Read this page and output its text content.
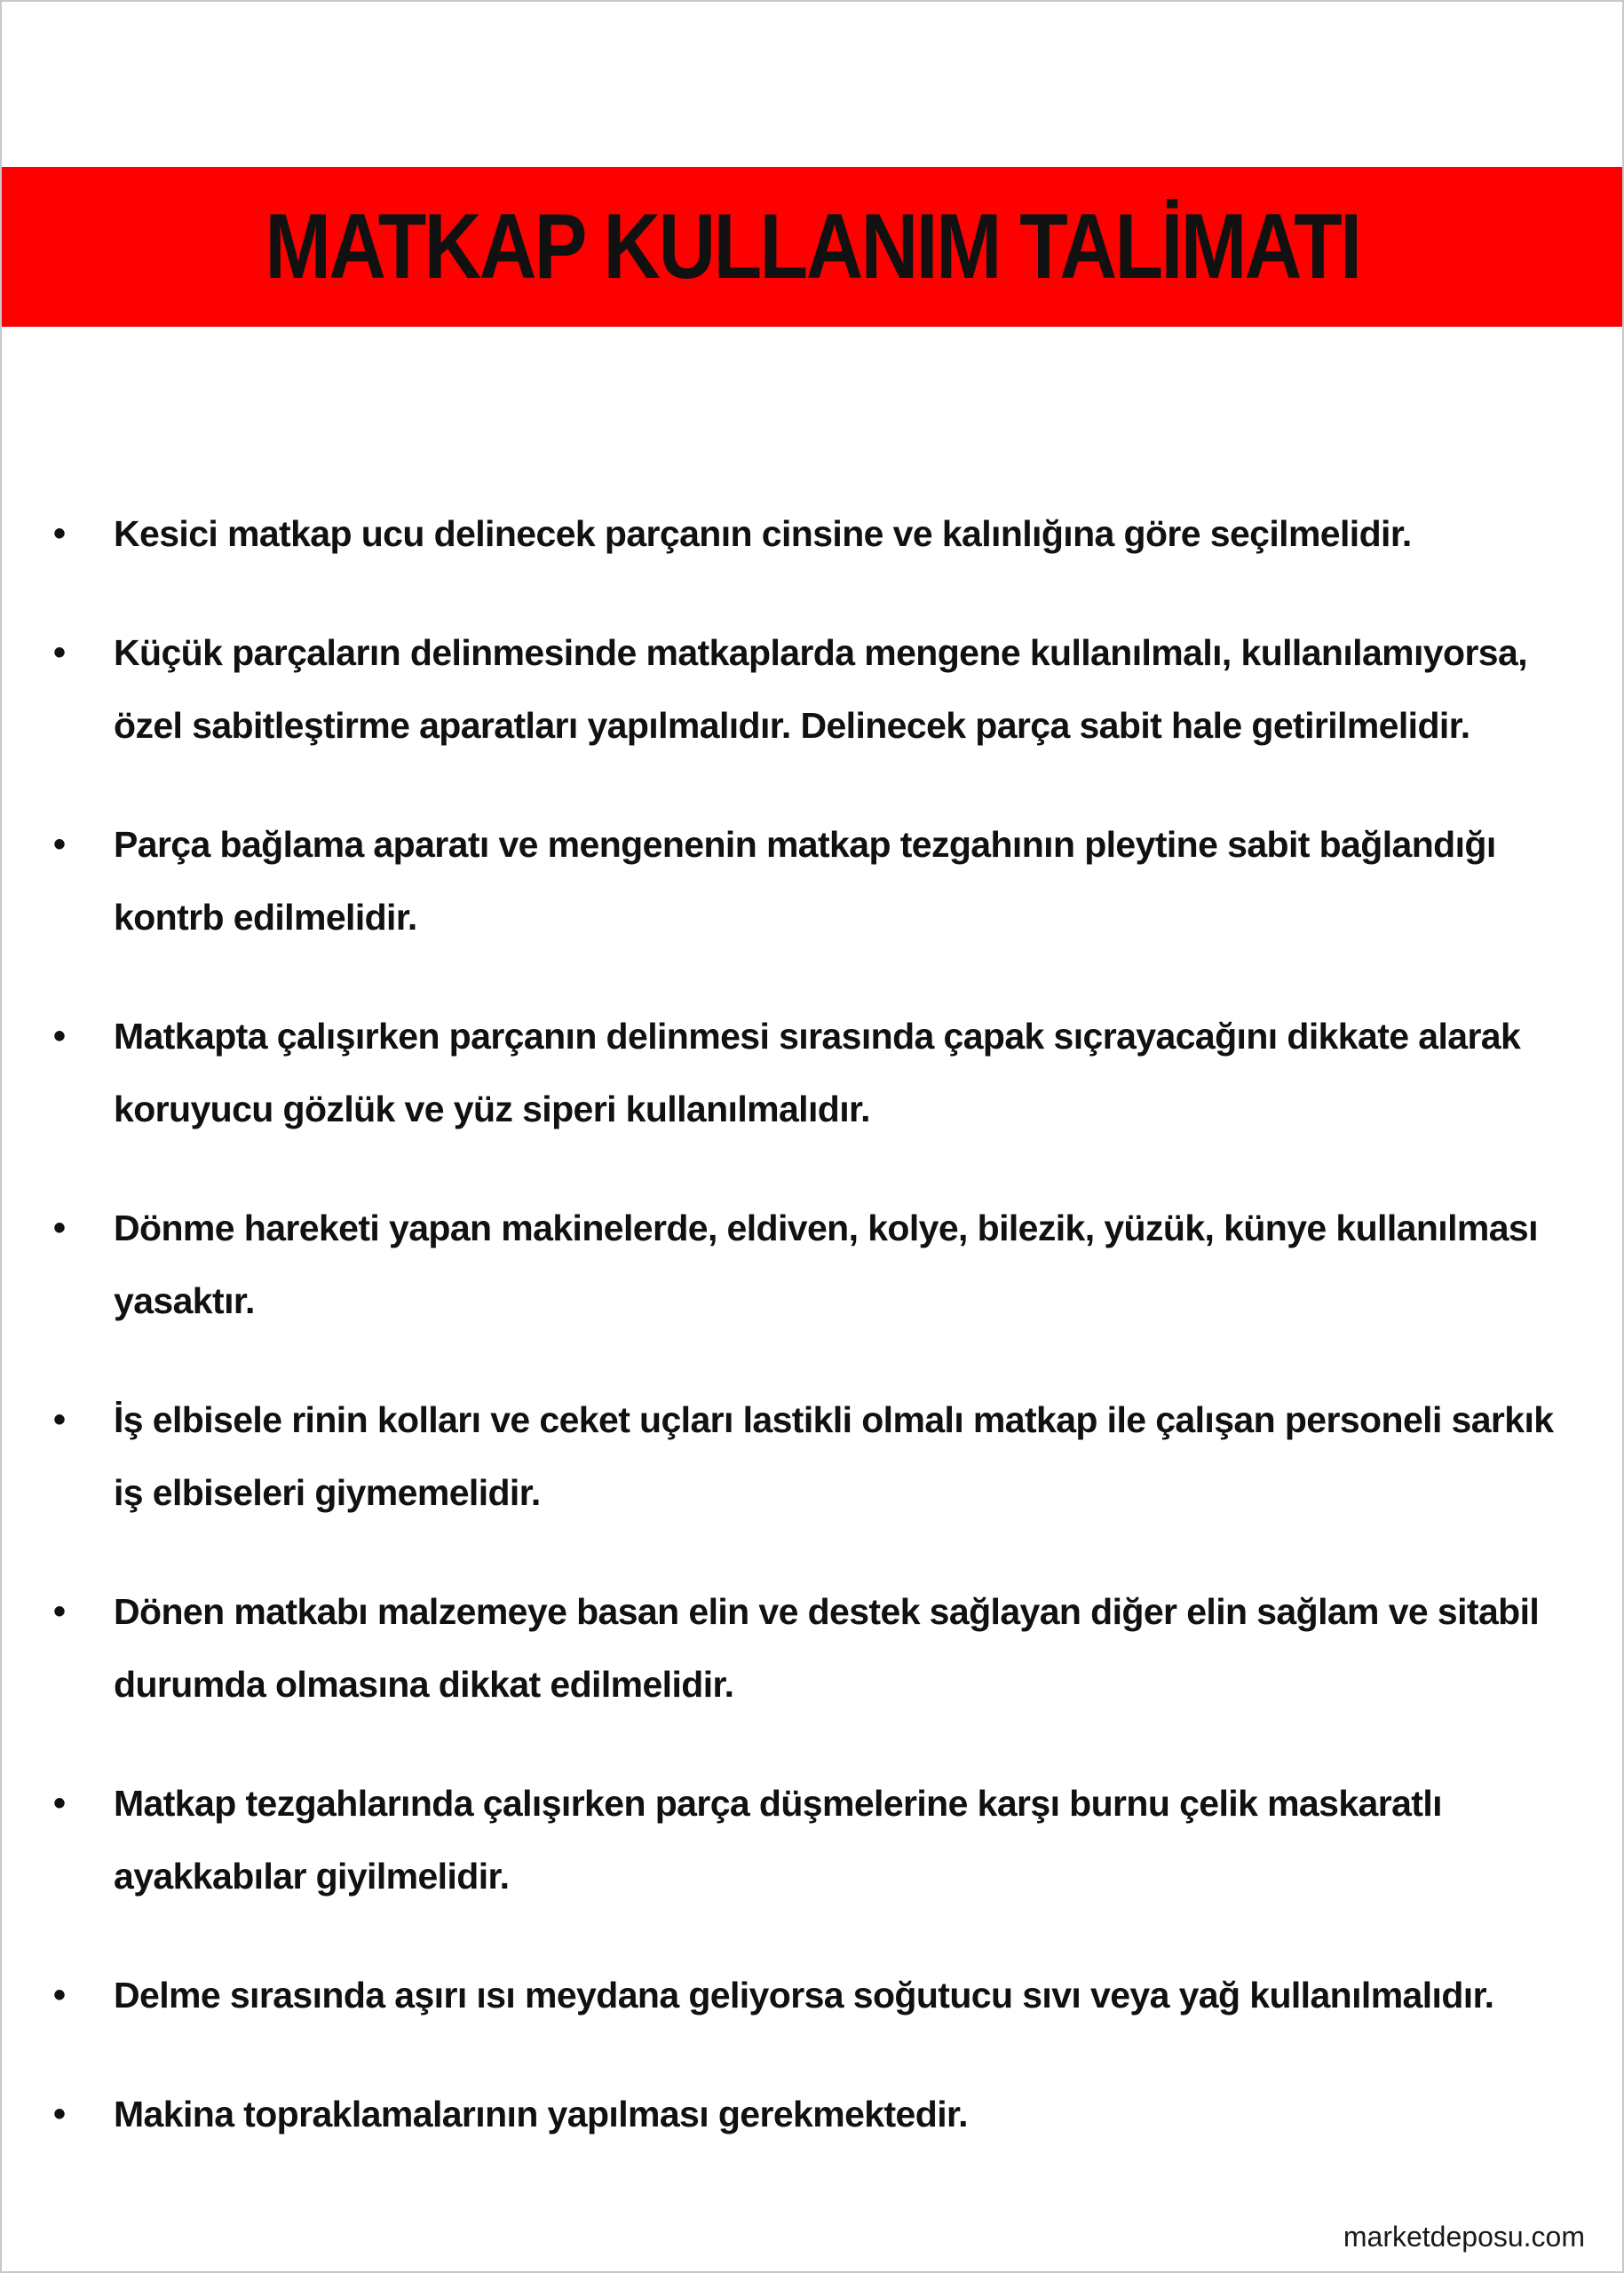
MATKAP KULLANIM TALİMATI
• Kesici matkap ucu delinecek parçanın cinsine ve kalınlığına göre seçilmelidir.
• Küçük parçaların delinmesinde matkaplarda mengene kullanılmalı, kullanılamıyorsa, özel sabitleştirme aparatları yapılmalıdır. Delinecek parça sabit hale getirilmelidir.
• Parça bağlama aparatı ve mengenenin matkap tezgahının pleytine sabit bağlandığı kontrb edilmelidir.
• Matkapta çalışırken parçanın delinmesi sırasında çapak sıçrayacağını dikkate alarak koruyucu gözlük ve yüz siperi kullanılmalıdır.
• Dönme hareketi yapan makinelerde, eldiven, kolye, bilezik, yüzük, künye kullanılması yasaktır.
• İş elbisele rinin kolları ve ceket uçları lastikli olmalı matkap ile çalışan personeli sarkık iş elbiseleri giymemelidir.
• Dönen matkabı malzemeye basan elin ve destek sağlayan diğer elin sağlam ve sitabil durumda olmasına dikkat edilmelidir.
• Matkap tezgahlarında çalışırken parça düşmelerine karşı burnu çelik maskaratlı ayakkabılar giyilmelidir.
• Delme sırasında aşırı ısı meydana geliyorsa soğutucu sıvı veya yağ kullanılmalıdır.
• Makina topraklamalarının yapılması gerekmektedir.
marketdeposu.com
